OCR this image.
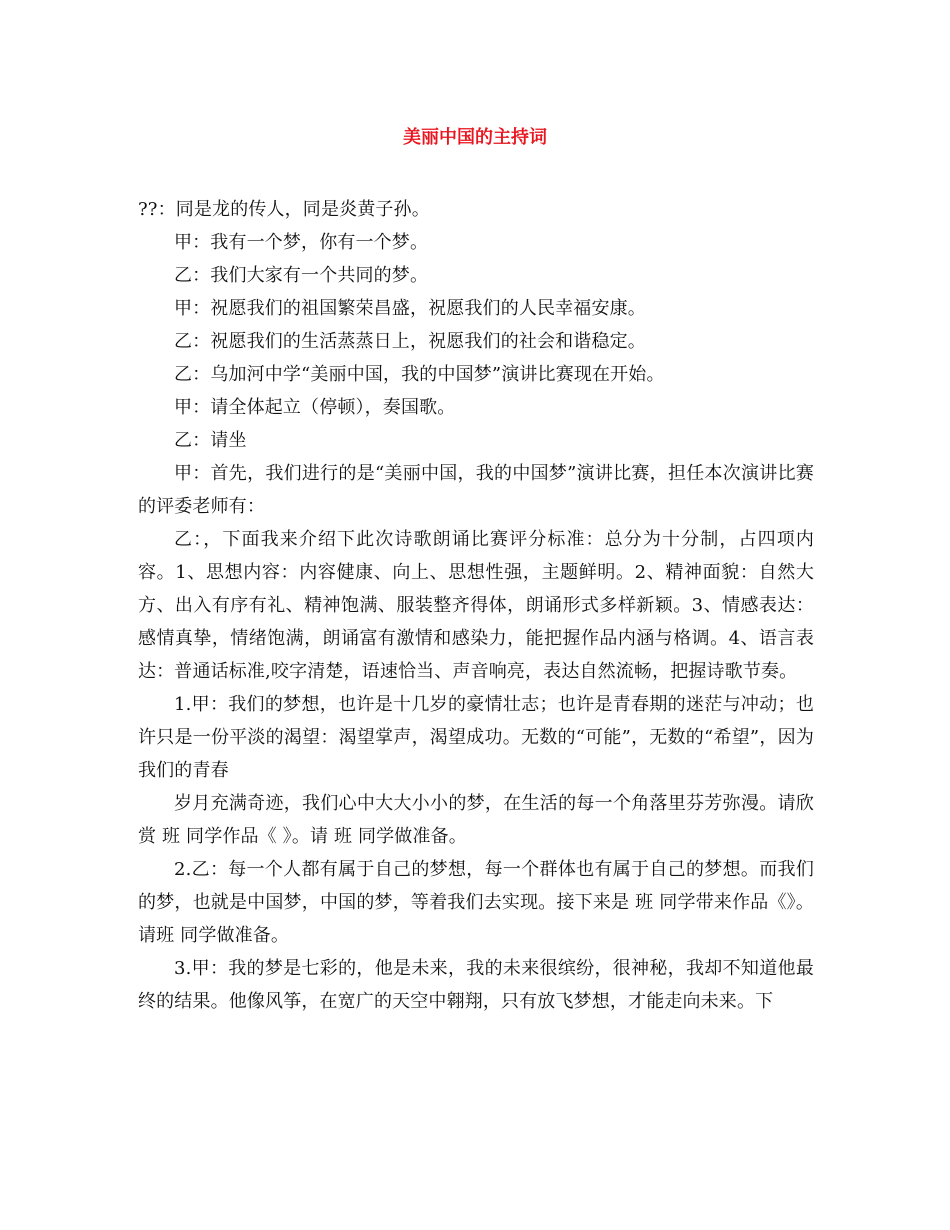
美丽中国的主持词

??：同是龙的传人，同是炎黄子孙。

甲：我有一个梦，你有一个梦。

乙：我们大家有一个共同的梦。

甲：祝愿我们的祖国繁荣昌盛，祝愿我们的人民幸福安康。

乙：祝愿我们的生活蒸蒸日上，祝愿我们的社会和谐稳定。

乙：乌加河中学“美丽中国，我的中国梦”演讲比赛现在开始。

甲：请全体起立（停顿），奏国歌。

乙：请坐

甲：首先，我们进行的是“美丽中国，我的中国梦”演讲比赛，担任本次演讲比赛的评委老师有：

乙：，下面我来介绍下此次诗歌朗诵比赛评分标准：总分为十分制，占四项内容。1、思想内容：内容健康、向上、思想性强，主题鲜明。2、精神面貌：自然大方、出入有序有礼、精神饱满、服装整齐得体，朗诵形式多样新颖。3、情感表达：感情真挚，情绪饱满，朗诵富有激情和感染力，能把握作品内涵与格调。4、语言表达：普通话标准,咬字清楚，语速恰当、声音响亮，表达自然流畅，把握诗歌节奏。

1.甲：我们的梦想，也许是十几岁的豪情壮志；也许是青春期的迷茫与冲动；也许只是一份平淡的渴望：渴望掌声，渴望成功。无数的“可能”，无数的“希望”，因为我们的青春

岁月充满奇迹，我们心中大大小小的梦，在生活的每一个角落里芬芳弥漫。请欣赏 班 同学作品《 》。请 班 同学做准备。

2.乙：每一个人都有属于自己的梦想，每一个群体也有属于自己的梦想。而我们的梦，也就是中国梦，中国的梦，等着我们去实现。接下来是 班 同学带来作品《》。请班 同学做准备。

3.甲：我的梦是七彩的，他是未来，我的未来很缤纷，很神秘，我却不知道他最终的结果。他像风筝，在宽广的天空中翱翔，只有放飞梦想，才能走向未来。下
